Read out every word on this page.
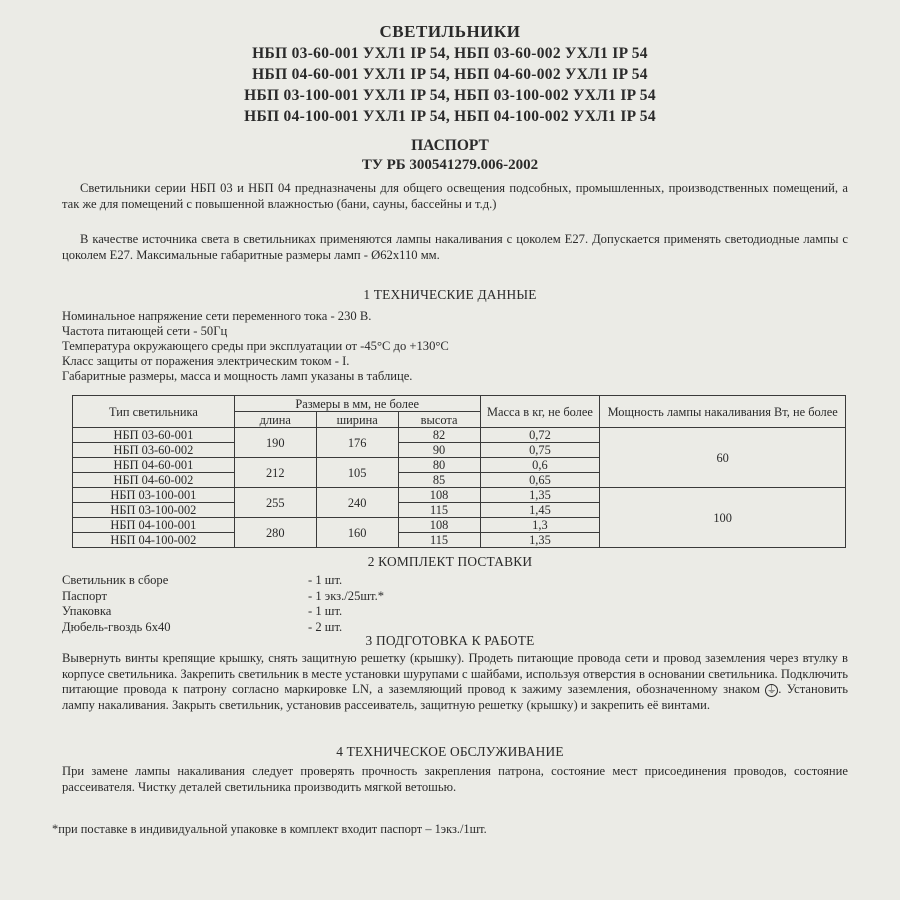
СВЕТИЛЬНИКИ
НБП 03-60-001 УХЛ1 IP 54, НБП 03-60-002 УХЛ1 IP 54
НБП 04-60-001 УХЛ1 IP 54, НБП 04-60-002 УХЛ1 IP 54
НБП 03-100-001 УХЛ1 IP 54, НБП 03-100-002 УХЛ1 IP 54
НБП 04-100-001 УХЛ1 IP 54, НБП 04-100-002 УХЛ1 IP 54
ПАСПОРТ
ТУ РБ 300541279.006-2002
Светильники серии НБП 03 и НБП 04 предназначены для общего освещения подсобных, промышленных, производственных помещений, а так же для помещений с повышенной влажностью (бани, сауны, бассейны и т.д.)
В качестве источника света в светильниках применяются лампы накаливания с цоколем Е27. Допускается применять светодиодные лампы с цоколем Е27. Максимальные габаритные размеры ламп - Ø62х110 мм.
1 ТЕХНИЧЕСКИЕ ДАННЫЕ
Номинальное напряжение сети переменного тока - 230 В.
Частота питающей сети - 50Гц
Температура окружающего среды при эксплуатации от -45°С до +130°С
Класс защиты от поражения электрическим током - I.
Габаритные размеры, масса и мощность ламп указаны в таблице.
Тип светильника	Размеры в мм, не более			Масса в кг, не более	Мощность лампы накаливания Вт, не более
	длина	ширина	высота		
НБП 03-60-001	190	176	82	0,72	60
НБП 03-60-002			90	0,75	
НБП 04-60-001	212	105	80	0,6	
НБП 04-60-002			85	0,65	
НБП 03-100-001	255	240	108	1,35	100
НБП 03-100-002			115	1,45	
НБП 04-100-001	280	160	108	1,3	
НБП 04-100-002			115	1,35	
2 КОМПЛЕКТ ПОСТАВКИ
Светильник в сборе	- 1 шт.
Паспорт	- 1 экз./25шт.*
Упаковка	- 1 шт.
Дюбель-гвоздь 6х40	- 2 шт.
3 ПОДГОТОВКА К РАБОТЕ
Вывернуть винты крепящие крышку, снять защитную решетку (крышку). Продеть питающие провода сети и провод заземления через втулку в корпусе светильника. Закрепить светильник в месте установки шурупами с шайбами, используя отверстия в основании светильника. Подключить питающие провода к патрону согласно маркировке LN, а заземляющий провод к зажиму заземления, обозначенному знаком ⏚ . Установить лампу накаливания. Закрыть светильник, установив рассеиватель, защитную решетку (крышку) и закрепить её винтами.
4 ТЕХНИЧЕСКОЕ ОБСЛУЖИВАНИЕ
При замене лампы накаливания следует проверять прочность закрепления патрона, состояние мест присоединения проводов, состояние рассеивателя. Чистку деталей светильника производить мягкой ветошью.
*при поставке в индивидуальной упаковке в комплект входит паспорт – 1экз./1шт.
